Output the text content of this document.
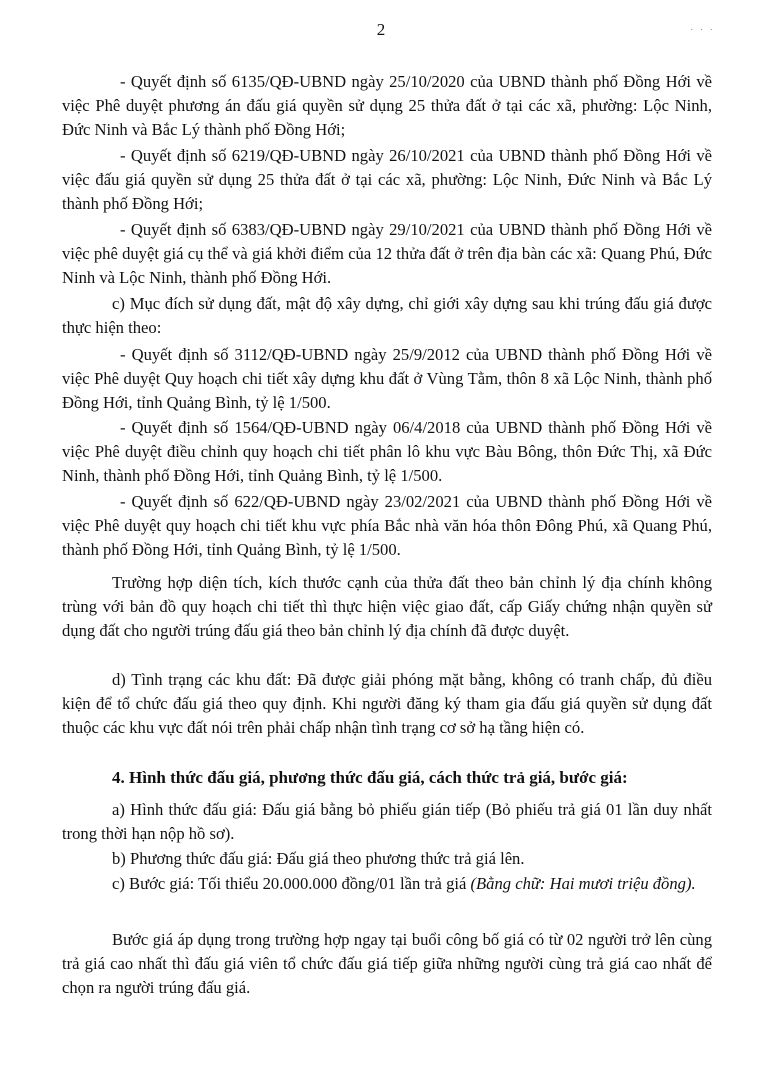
2	˙ ˙ ˙

- Quyết định số 6135/QĐ-UBND ngày 25/10/2020 của UBND thành phố Đồng Hới về việc Phê duyệt phương án đấu giá quyền sử dụng 25 thửa đất ở tại các xã, phường: Lộc Ninh, Đức Ninh và Bắc Lý thành phố Đồng Hới;

- Quyết định số 6219/QĐ-UBND ngày 26/10/2021 của UBND thành phố Đồng Hới về việc đấu giá quyền sử dụng 25 thửa đất ở tại các xã, phường: Lộc Ninh, Đức Ninh và Bắc Lý thành phố Đồng Hới;

- Quyết định số 6383/QĐ-UBND ngày 29/10/2021 của UBND thành phố Đồng Hới về việc phê duyệt giá cụ thể và giá khởi điểm của 12 thửa đất ở trên địa bàn các xã: Quang Phú, Đức Ninh và Lộc Ninh, thành phố Đồng Hới.

c) Mục đích sử dụng đất, mật độ xây dựng, chỉ giới xây dựng sau khi trúng đấu giá được thực hiện theo:

- Quyết định số 3112/QĐ-UBND ngày 25/9/2012 của UBND thành phố Đồng Hới về việc Phê duyệt Quy hoạch chi tiết xây dựng khu đất ở Vùng Tằm, thôn 8 xã Lộc Ninh, thành phố Đồng Hới, tỉnh Quảng Bình, tỷ lệ 1/500.

- Quyết định số 1564/QĐ-UBND ngày 06/4/2018 của UBND thành phố Đồng Hới về việc Phê duyệt điều chỉnh quy hoạch chi tiết phân lô khu vực Bàu Bông, thôn Đức Thị, xã Đức Ninh, thành phố Đồng Hới, tỉnh Quảng Bình, tỷ lệ 1/500.

- Quyết định số 622/QĐ-UBND ngày 23/02/2021 của UBND thành phố Đồng Hới về việc Phê duyệt quy hoạch chi tiết khu vực phía Bắc nhà văn hóa thôn Đông Phú, xã Quang Phú, thành phố Đồng Hới, tỉnh Quảng Bình, tỷ lệ 1/500.

Trường hợp diện tích, kích thước cạnh của thửa đất theo bản chỉnh lý địa chính không trùng với bản đồ quy hoạch chi tiết thì thực hiện việc giao đất, cấp Giấy chứng nhận quyền sử dụng đất cho người trúng đấu giá theo bản chỉnh lý địa chính đã được duyệt.

d) Tình trạng các khu đất: Đã được giải phóng mặt bằng, không có tranh chấp, đủ điều kiện để tổ chức đấu giá theo quy định. Khi người đăng ký tham gia đấu giá quyền sử dụng đất thuộc các khu vực đất nói trên phải chấp nhận tình trạng cơ sở hạ tầng hiện có.

4. Hình thức đấu giá, phương thức đấu giá, cách thức trả giá, bước giá:

a) Hình thức đấu giá: Đấu giá bằng bỏ phiếu gián tiếp (Bỏ phiếu trả giá 01 lần duy nhất trong thời hạn nộp hồ sơ).

b) Phương thức đấu giá: Đấu giá theo phương thức trả giá lên.

c) Bước giá: Tối thiểu 20.000.000 đồng/01 lần trả giá (Bằng chữ: Hai mươi triệu đồng).

Bước giá áp dụng trong trường hợp ngay tại buổi công bố giá có từ 02 người trở lên cùng trả giá cao nhất thì đấu giá viên tổ chức đấu giá tiếp giữa những người cùng trả giá cao nhất để chọn ra người trúng đấu giá.
